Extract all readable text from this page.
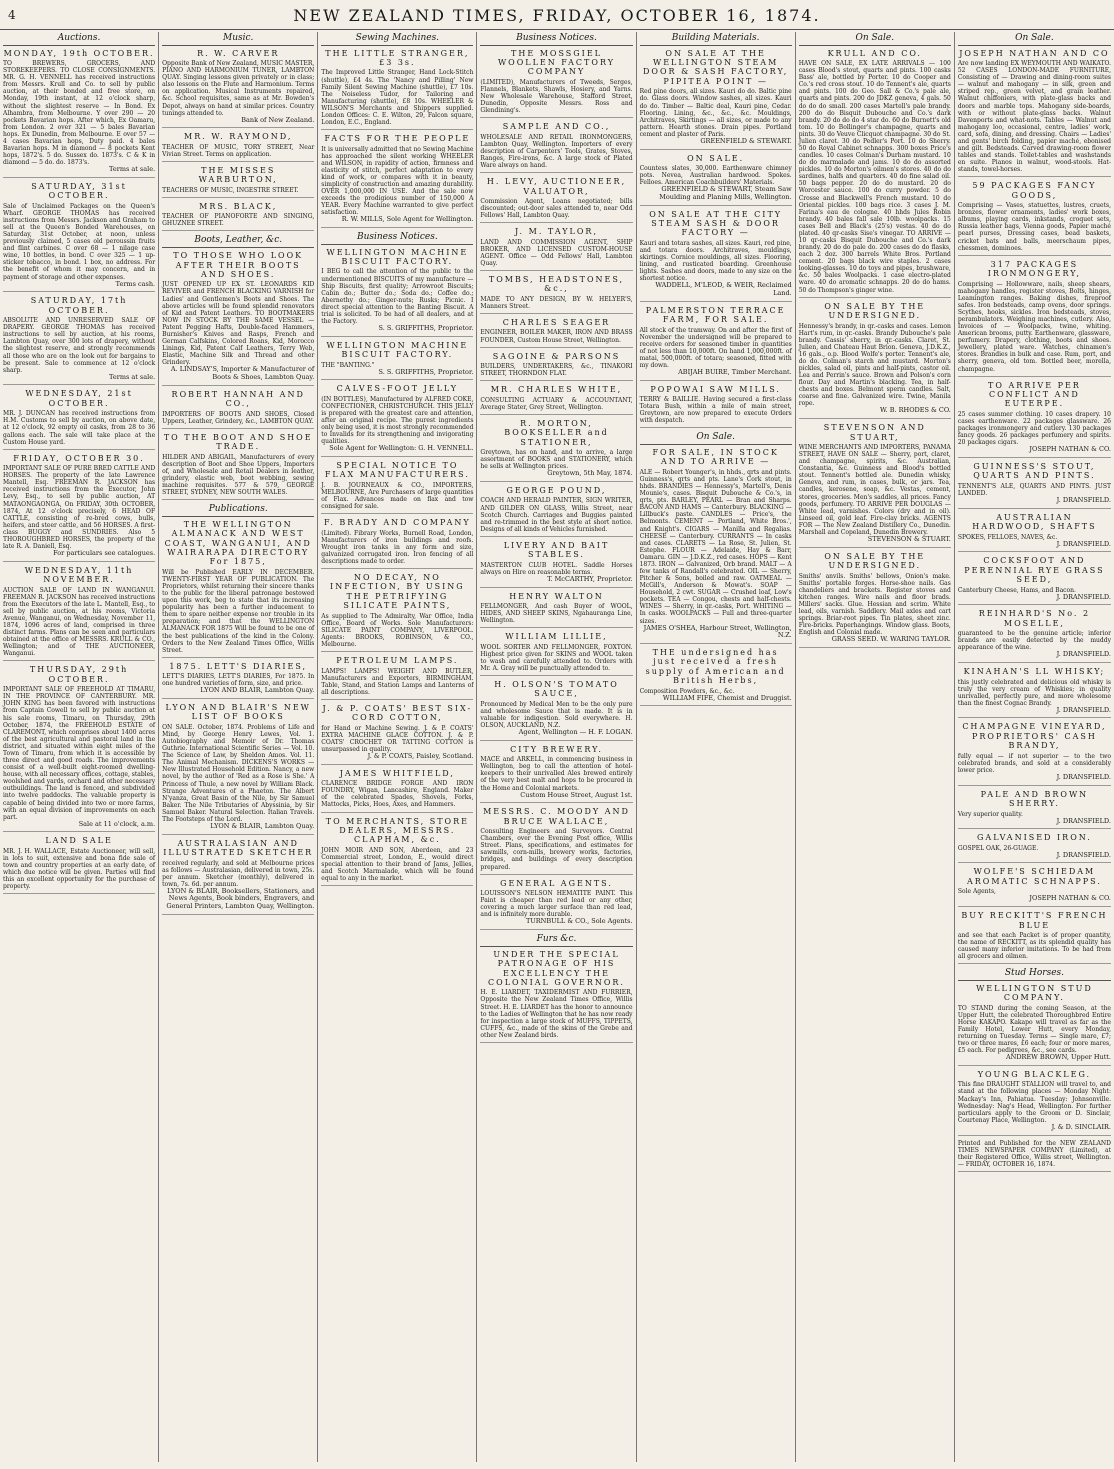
4	NEW ZEALAND TIMES, FRIDAY, OCTOBER 16, 1874.
Auctions.
MONDAY, 19th OCTOBER.
TO BREWERS, GROCERS, AND STOREKEEPERS. TO CLOSE CONSIGNMENTS. MR. G. H. VENNELL has received instructions from Messrs. Krull and Co. to sell by public auction, at their bonded and free store, on Monday, 19th instant, at 12 o'clock sharp, without the slightest reserve — In Bond. Ex Alhambra, from Melbourne. Y over 290 — 20 pockets Bavarian hops. After which, Ex Oamaru, from London. 2 over 321 — 5 bales Bavarian hops. Ex Dunedin, from Melbourne. E over 57 — 4 cases Bavarian hops, Duty paid. 4 bales Bavarian hops. M in diamond — 8 pockets Kent hops, 1872's. 5 do. Sussex do. 1873's. C & K in diamond — 5 do. do. 1873's.
Terms at sale.
SATURDAY, 31st OCTOBER.
Sale of Unclaimed Packages on the Queen's Wharf. GEORGE THOMAS has received instructions from Messrs. Jackson and Graham to sell at the Queen's Bonded Warehouses, on Saturday, 31st October, at noon, unless previously claimed, 5 cases old peroussin fruits and flint carbines. C over 68 — 1 nilage case wine, 10 bottles, in bond. C over 325 — 1 up-sticker tobacco, in bond. 1 box, no address. For the benefit of whom it may concern, and in payment of storage and other expenses.
Terms cash.
SATURDAY, 17th OCTOBER.
ABSOLUTE AND UNRESERVED SALE OF DRAPERY. GEORGE THOMAS has received instructions to sell by auction, at his rooms, Lambton Quay, over 300 lots of drapery, without the slightest reserve, and strongly recommends all those who are on the look out for bargains to be present. Sale to commence at 12 o'clock sharp.
Terms at sale.
WEDNESDAY, 21st OCTOBER.
MR. J. DUNCAN has received instructions from H.M. Customs to sell by auction, on above date, at 12 o'clock, 92 empty oil casks, from 28 to 36 gallons each. The sale will take place at the Custom House yard.
FRIDAY, OCTOBER 30.
IMPORTANT SALE OF PURE BRED CATTLE AND HORSES. The property of the late Lawrence Mantell, Esq. FREEMAN R. JACKSON has received instructions from the Executor, John Levy, Esq., to sell by public auction, AT MATAONGAONGA, On FRIDAY, 30th OCTOBER, 1874, At 12 o'clock precisely, 6 HEAD OF CATTLE, consisting of re-bred cows, bulls, heifers, and steer cattle, and 56 HORSES. A first-class BUGGY and SUNDRIES. Also 5 THOROUGHBRED HORSES, the property of the late R. A. Daniell, Esq.
For particulars see catalogues.
WEDNESDAY, 11th NOVEMBER.
AUCTION SALE OF LAND IN WANGANUI. FREEMAN R. JACKSON has received instructions from the Executors of the late L. Mantell, Esq., to sell by public auction, at his rooms, Victoria Avenue, Wanganui, on Wednesday, November 11, 1874, 1096 acres of land, comprised in three distinct farms. Plans can be seen and particulars obtained at the office of MESSRS. KRULL & CO., Wellington; and of THE AUCTIONEER, Wanganui.
THURSDAY, 29th OCTOBER.
IMPORTANT SALE OF FREEHOLD AT TIMARU, IN THE PROVINCE OF CANTERBURY. MR. JOHN KING has been favored with instructions from Captain Cowell to sell by public auction at his sale rooms, Timaru, on Thursday, 29th October, 1874, the FREEHOLD ESTATE of CLAREMONT, which comprises about 1400 acres of the best agricultural and pastoral land in the district, and situated within eight miles of the Town of Timaru, from which it is accessible by three direct and good roads. The improvements consist of a well-built eight-roomed dwelling-house, with all necessary offices, cottage, stables, woolshed and yards, orchard and other necessary outbuildings. The land is fenced, and subdivided into twelve paddocks. The valuable property is capable of being divided into two or more farms, with an equal division of improvements on each part.
Sale at 11 o'clock, a.m.
LAND SALE
MR. J. H. WALLACE, Estate Auctioneer, will sell, in lots to suit, extensive and bona fide sale of town and country properties at an early date, of which due notice will be given. Parties will find this an excellent opportunity for the purchase of property.
Music.
R. W. CARVER
Opposite Bank of New Zealand, MUSIC MASTER, PIANO AND HARMONIUM TUNER, LAMBTON QUAY. Singing lessons given privately or in class; also lessons on the Flute and Harmonium. Terms on application. Musical Instruments repaired, &c. School requisites, same as at Mr. Bowden's Depot, always on hand at similar prices. Country tunings attended to.
Bank of New Zealand.
MR. W. RAYMOND,
TEACHER OF MUSIC, TORY STREET, Near Vivian Street. Terms on application.
THE MISSES WARBURTON,
TEACHERS OF MUSIC, INGESTRE STREET.
MRS. BLACK,
TEACHER OF PIANOFORTE AND SINGING, GHUZNEE STREET.
Boots, Leather, &c.
TO THOSE WHO LOOK AFTER THEIR BOOTS AND SHOES.
JUST OPENED UP EX ST. LEONARDS KID REVIVER and FRENCH BLACKING VARNISH for Ladies' and Gentlemen's Boots and Shoes. The above articles will be found splendid renovators of Kid and Patent Leathers. TO BOOTMAKERS NOW IN STOCK BY THE SAME VESSEL — Patent Pegging Hafts, Double-faced Hammers, Burnisher's Knives and Rasps, French and German Calfskins, Colored Roans, Kid, Morocco Linings, Kid, Patent Calf Leathers, Terry Web, Elastic, Machine Silk and Thread and other Grindery.
A. LINDSAY'S, Importer & Manufacturer of Boots & Shoes, Lambton Quay.
ROBERT HANNAH AND CO.,
IMPORTERS OF BOOTS AND SHOES, Closed Uppers, Leather, Grindery, &c., LAMBTON QUAY.
TO THE BOOT AND SHOE TRADE.
HILDER AND ABIGAIL, Manufacturers of every description of Boot and Shoe Uppers, Importers of, and Wholesale and Retail Dealers in leather, grindery, elastic web, boot webbing, sewing machine requisites. 577 & 579, GEORGE STREET, SYDNEY, NEW SOUTH WALES.
Publications.
THE WELLINGTON ALMANACK AND WEST COAST, WANGANUI, AND WAIRARAPA DIRECTORY For 1875,
Will be Published EARLY IN DECEMBER. TWENTY-FIRST YEAR OF PUBLICATION. The Proprietors, whilst returning their sincere thanks to the public for the liberal patronage bestowed upon this work, beg to state that its increasing popularity has been a further inducement to them to spare neither expense nor trouble in its preparation; and that the WELLINGTON ALMANACK FOR 1875 Will be found to be one of the best publications of the kind in the Colony. Orders to the New Zealand Times Office, Willis Street.
1875. LETT'S DIARIES,
LETT'S DIARIES, LETT'S DIARIES, For 1875. In one hundred varieties of form, size, and price.
LYON AND BLAIR, Lambton Quay.
LYON AND BLAIR'S NEW LIST OF BOOKS
ON SALE. October, 1874. Problems of Life and Mind, by George Henry Lewes, Vol. 1. Autobiography and Memoir of Dr. Thomas Guthrie. International Scientific Series — Vol. 10. The Science of Law, by Sheldon Amos. Vol. 11. The Animal Mechanism. DICKENS'S WORKS — New Illustrated Household Edition. Nancy, a new novel, by the author of 'Red as a Rose is She.' A Princess of Thule, a new novel by William Black. Strange Adventures of a Phaeton. The Albert N'yanza, Great Basin of the Nile, by Sir Samuel Baker. The Nile Tributaries of Abyssinia, by Sir Samuel Baker. Natural Selection. Italian Travels. The Footsteps of the Lord.
LYON & BLAIR, Lambton Quay.
AUSTRALASIAN AND ILLUSTRATED SKETCHER
received regularly, and sold at Melbourne prices as follows — Australasian, delivered in town, 25s. per annum. Sketcher (monthly), delivered in town, 7s. 6d. per annum.
LYON & BLAIR, Booksellers, Stationers, and News Agents, Book binders, Engravers, and General Printers, Lambton Quay, Wellington.
Sewing Machines.
THE LITTLE STRANGER, £3 3s.
The Improved Little Stranger, Hand Lock-Stitch (shuttle), £4 4s. The 'Nancy and Pilling' New Family Silent Sewing Machine (shuttle), £7 10s. The Noiseless Tudor, for Tailoring and Manufacturing (shuttle), £8 10s. WHEELER & WILSON'S Merchants and Shippers supplied. London Offices: C. E. Wilton, 29, Falcon square, London, E.C., England.
FACTS FOR THE PEOPLE
It is universally admitted that no Sewing Machine has approached the silent working WHEELER and WILSON, in rapidity of action, firmness and elasticity of stitch, perfect adaptation to every kind of work, or compares with it in beauty, simplicity of construction and amazing durability. OVER 1,000,000 IN USE. And the sale now exceeds the prodigious number of 150,000 A YEAR. Every Machine warranted to give perfect satisfaction.
R. W. MILLS, Sole Agent for Wellington.
Business Notices.
WELLINGTON MACHINE BISCUIT FACTORY.
I BEG to call the attention of the public to the undermentioned BISCUITS of my manufacture — Ship Biscuits, first quality; Arrowroot Biscuits; Cabin do.; Butter do.; Soda do.; Coffee do.; Abernethy do.; Ginger-nuts; Rusks; Picnic. I direct special attention to the Banting Biscuit. A trial is solicited. To be had of all dealers, and at the Factory.
S. S. GRIFFITHS, Proprietor.
WELLINGTON MACHINE BISCUIT FACTORY.
THE "BANTING."
S. S. GRIFFITHS, Proprietor.
CALVES-FOOT JELLY
(IN BOTTLES), Manufactured by ALFRED COKE, CONFECTIONER, CHRISTCHURCH. THIS JELLY is prepared with the greatest care and attention, after an original recipe. The purest ingredients only being used, it is most strongly recommended to Invalids for its strengthening and invigorating qualities.
Sole Agent for Wellington: G. H. VENNELL.
SPECIAL NOTICE TO FLAX MANUFACTURERS.
J. B. JOURNEAUX & CO., IMPORTERS, MELBOURNE, Are Purchasers of large quantities of Flax. Advances made on flax and tow consigned for sale.
F. BRADY AND COMPANY
(Limited). Fibrary Works, Burnell Road, London, Manufacturers of iron buildings and roofs. Wrought iron tanks in any form and size, galvanized corrugated iron. Iron fencing of all descriptions made to order.
NO DECAY, NO INFECTION, BY USING THE PETRIFYING SILICATE PAINTS,
As supplied to The Admiralty, War Office, India Office, Board of Works. Sole Manufacturers: SILICATE PAINT COMPANY, LIVERPOOL. Agents: BROOKS, ROBINSON, & CO., Melbourne.
PETROLEUM LAMPS.
LAMPS! LAMPS! WEIGHT AND BUTLER, Manufacturers and Exporters, BIRMINGHAM. Table, Stand, and Station Lamps and Lanterns of all descriptions.
J. & P. COATS' BEST SIX-CORD COTTON,
for Hand or Machine Sewing. J. & P. COATS' EXTRA MACHINE GLACE COTTON. J. & P. COATS' CROCHET OR TATTING COTTON is unsurpassed in quality.
J. & P. COATS, Paisley, Scotland.
JAMES WHITFIELD,
CLARENCE BRIDGE FORGE AND IRON FOUNDRY, Wigan, Lancashire, England. Maker of the celebrated Spades, Shovels, Forks, Mattocks, Picks, Hoes, Axes, and Hammers.
TO MERCHANTS, STORE DEALERS, MESSRS. CLAPHAM, &c.
JOHN MOIR AND SON, Aberdeen, and 23 Commercial street, London, E., would direct special attention to their brand of Jams, Jellies, and Scotch Marmalade, which will be found equal to any in the market.
Business Notices.
THE MOSSGIEL WOOLLEN FACTORY COMPANY
(LIMITED), Manufacturers of Tweeds, Serges, Flannels, Blankets, Shawls, Hosiery, and Yarns. New Wholesale Warehouse, Stafford Street, Dunedin, Opposite Messrs. Ross and Glendining's.
SAMPLE AND CO.,
WHOLESALE AND RETAIL IRONMONGERS, Lambton Quay, Wellington. Importers of every description of Carpenters' Tools, Grates, Stoves, Ranges, Fire-irons, &c. A large stock of Plated Ware always on hand.
H. LEVY, AUCTIONEER, VALUATOR,
Commission Agent, Loans negotiated; bills discounted; out-door sales attended to, near Odd Fellows' Hall, Lambton Quay.
J. M. TAYLOR,
LAND AND COMMISSION AGENT, SHIP BROKER, AND LICENSED CUSTOM-HOUSE AGENT. Office — Odd Fellows' Hall, Lambton Quay.
TOMBS, HEADSTONES, &c.,
MADE TO ANY DESIGN, BY W. HELYER'S, Manners Street.
CHARLES SEAGER
ENGINEER, BOILER MAKER, IRON AND BRASS FOUNDER, Custom House Street, Wellington.
SAGOINE & PARSONS
BUILDERS, UNDERTAKERS, &c., TINAKORI STREET, THORNDON FLAT.
MR. CHARLES WHITE,
CONSULTING ACTUARY & ACCOUNTANT, Average Stater, Grey Street, Wellington.
R. MORTON, BOOKSELLER and STATIONER,
Greytown, has on hand, and to arrive, a large assortment of BOOKS and STATIONERY, which he sells at Wellington prices.
Greytown, 5th May, 1874.
GEORGE POUND,
COACH AND HERALD PAINTER, SIGN WRITER, AND GILDER ON GLASS, Willis Street, near Scotch Church. Carriages and Buggies painted and re-trimmed in the best style at short notice. Designs of all kinds of Vehicles furnished.
LIVERY AND BAIT STABLES.
MASTERTON CLUB HOTEL. Saddle Horses always on Hire on reasonable terms.
T. McCARTHY, Proprietor.
HENRY WALTON
FELLMONGER, And cash Buyer of WOOL, HIDES, AND SHEEP SKINS, Ngahauranga Line, Wellington.
WILLIAM LILLIE,
WOOL SORTER AND FELLMONGER, FOXTON. Highest price given for SKINS and WOOL taken to wash and carefully attended to. Orders with Mr. A. Gray will be punctually attended to.
H. OLSON'S TOMATO SAUCE,
Pronounced by Medical Men to be the only pure and wholesome Sauce that is made. It is in valuable for indigestion. Sold everywhere. H. OLSON, AUCKLAND, N.Z.
Agent, Wellington — H. F. LOGAN.
CITY BREWERY.
MACE and ARKELL, in commencing business in Wellington, beg to call the attention of hotel-keepers to their unrivalled Ales brewed entirely of the very best malt and hops to be procured in the Home and Colonial markets.
Custom House Street, August 1st.
MESSRS. C. MOODY AND BRUCE WALLACE,
Consulting Engineers and Surveyors. Central Chambers, over the Evening Post office, Willis Street. Plans, specifications, and estimates for sawmills, corn-mills, brewery works, factories, bridges, and buildings of every description prepared.
GENERAL AGENTS.
LOUISSON'S NELSON HEMATITE PAINT. This Paint is cheaper than red lead or any other, covering a much larger surface than red lead, and is infinitely more durable.
TURNBULL & CO., Sole Agents.
Furs &c.
UNDER THE SPECIAL PATRONAGE OF HIS EXCELLENCY THE COLONIAL GOVERNOR.
H. E. LIARDET, TAXIDERMIST AND FURRIER, Opposite the New Zealand Times Office, Willis Street. H. E. LIARDET has the honor to announce to the Ladies of Wellington that he has now ready for inspection a large stock of MUFFS, TIPPETS, CUFFS, &c., made of the skins of the Grebe and other New Zealand birds.
Building Materials.
ON SALE AT THE WELLINGTON STEAM DOOR & SASH FACTORY, PIPITEA POINT —
Red pine doors, all sizes. Kauri do do. Baltic pine do. Glass doors. Window sashes, all sizes. Kauri do do. Timber — Baltic deal, Kauri pine, Cedar. Flooring. Lining, &c., &c., &c. Mouldings, Architraves, Skirtings — all sizes, or made to any pattern. Hearth stones. Drain pipes. Portland cement and plaster of Paris.
GREENFIELD & STEWART.
ON SALE.
Countess slates, 30,000. Earthenware chimney pots. Nevea, Australian hardwood. Spokes. Felloes. American Coachbuilders' Materials.
GREENFIELD & STEWART, Steam Saw Moulding and Planing Mills, Wellington.
ON SALE AT THE CITY STEAM SASH & DOOR FACTORY —
Kauri and totara sashes, all sizes. Kauri, red pine, and totara doors. Architraves, mouldings, skirtings. Cornice mouldings, all sizes. Flooring, lining, and rusticated boarding. Greenhouse lights. Sashes and doors, made to any size on the shortest notice.
WADDELL, M'LEOD, & WEIR, Reclaimed Land.
PALMERSTON TERRACE FARM, FOR SALE.
All stock of the tramway. On and after the first of November the undersigned will be prepared to receive orders for seasoned timber in quantities of not less than 10,000ft. On hand 1,000,000ft. of matai, 500,000ft. of totara; seasoned, fitted with my down.
ABIJAH BUIRE, Timber Merchant.
POPOWAI SAW MILLS.
TERRY & BAILLIE. Having secured a first-class Totara Bush, within a mile of main street, Greytown, are now prepared to execute Orders with despatch.
On Sale.
FOR SALE, IN STOCK AND TO ARRIVE —
ALE — Robert Younger's, in hhds., qrts and pints. Guinness's, qrts and pts. Lane's Cork stout, in hhds. BRANDIES — Hennessy's, Martell's, Denis Mounie's, cases. Bisquit Dubouche & Co.'s, in qrts, pts. BARLEY, PEARL — Bran and Sharps. BACON AND HAMS — Canterbury. BLACKING — Lillbuck's paste. CANDLES — Price's, the Belmonts. CEMENT — Portland, White Bros.', and Knight's. CIGARS — Manilla and Regalias. CHEESE — Canterbury. CURRANTS — In casks and cases. CLARETS — La Rose, St. Julien, St. Estephe. FLOUR — Adelaide, Hay & Barr, Oamaru. GIN — J.D.K.Z., red cases. HOPS — Kent 1873. IRON — Galvanized, Orb brand. MALT — A few tanks of Randall's celebrated. OIL — Sherry, Pitcher & Sons, boiled and raw. OATMEAL — McGill's, Anderson & Mowat's. SOAP — Household, 2 cwt. SUGAR — Crushed loaf, Low's pockets. TEA — Congou, chests and half-chests. WINES — Sherry, in qr.-casks, Port. WHITING — In casks. WOOLPACKS — Full and three-quarter sizes.
JAMES O'SHEA, Harbour Street, Wellington, N.Z.
THE undersigned has just received a fresh supply of American and British Herbs,
Composition Powders, &c., &c.
WILLIAM FIFE, Chemist and Druggist.
On Sale.
KRULL AND CO.
HAVE ON SALE, EX LATE ARRIVALS — 100 cases Blood's stout, quarts and pints. 100 casks Bass' ale, bottled by Porter. 10 do Cooper and Co.'s red cross stout. 10 do Tennent's ale, quarts and pints. 100 do Geo. Sall & Co.'s pale ale, quarts and pints. 200 do JDKZ geneva, 4 gals. 50 do do do small. 200 cases Martell's pale brandy. 200 do do Bisquit Dubouche and Co.'s dark brandy. 20 do do do 4 star do. 60 do Burnett's old tom. 10 do Bollinger's champagne, quarts and pints. 30 do Veuve Clicquot champagne. 30 do St. Julien claret. 30 do Pedler's Port. 10 do Sherry. 50 do Royal Cabinet schnapps. 300 boxes Price's candles. 10 cases Colman's Durham mustard. 10 do do marmalade and jams. 10 do do assorted pickles. 10 do Morton's oilmen's stores. 40 do do sardines, halfs and quarters. 40 do fine salad oil. 50 bags pepper. 20 do do mustard. 20 do Worcester sauce. 100 do curry powder. 5 do Crosse and Blackwell's French mustard. 10 do Oriental pickles. 100 bags rice. 3 cases J. M. Farina's eau de cologne. 40 hhds Jules Robin brandy. 40 bales fall sale 10lb. woolpacks. 15 cases Bell and Black's (25's) vestas. 40 do do plated. 40 qr-casks Sise's vinegar. TO ARRIVE — 10 qr-casks Bisquit Dubouche and Co.'s dark brandy. 20 do do pale do. 200 cases do do flasks, each 2 doz. 300 barrels White Bros. Portland cement. 20 bags black wire staples. 2 cases looking-glasses. 10 do toys and pipes, brushware, &c. 50 bales Woolpacks. 1 case electro-plated ware. 40 do aromatic schnapps. 20 do do hams. 50 do Thompson's ginger wine.
ON SALE BY THE UNDERSIGNED.
Hennessy's brandy, in qr.-casks and cases. Lemon Hart's rum, in qr.-casks. Brandy Dubouche's pale brandy. Cassis' sherry, in qr.-casks. Claret, St. Julien, and Chateau Haut Brion. Geneva, J.D.K.Z., 16 gals., o.p. Blood Wolfe's porter. Tennent's ale, do do. Colman's starch and mustard. Morton's pickles, salad oil, pints and half-pints, castor oil. Lea and Perrin's sauce. Brown and Polson's corn flour. Day and Martin's blacking. Tea, in half-chests and boxes. Belmont sperm candles. Salt, coarse and fine. Galvanized wire. Twine, Manila rope.
W. B. RHODES & CO.
STEVENSON AND STUART,
WINE MERCHANTS AND IMPORTERS, PANAMA STREET, HAVE ON SALE — Sherry, port, claret, and champagne, spirits, &c. Australian, Constantia, &c. Guinness and Blood's bottled stout. Tennent's bottled ale. Dunedin whisky, Geneva, and rum, in cases, bulk, or jars. Tea, candles, kerosene, soap, &c. Vestas, cement, stores, groceries. Men's saddles, all prices. Fancy goods, perfumery. TO ARRIVE PER DOUGLAS — White lead, varnishes. Colors (dry and in oil). Linseed oil, gold leaf. Fire-clay bricks. AGENTS FOR — The New Zealand Distillery Co., Dunedin. Marshall and Copeland, Dunedin Brewery.
STEVENSON & STUART.
ON SALE BY THE UNDERSIGNED.
Smiths' anvils. Smiths' bellows, Onion's make. Smiths' portable forges. Horse-shoe nails. Gas chandeliers and brackets. Register stoves and kitchen ranges. Wire nails and floor brads. Millers' sacks. Glue. Hessian and scrim. White lead, oils, varnish. Saddlery. Mail axles and cart springs. Briar-root pipes. Tin plates, sheet zinc. Fire-bricks. Paperhangings. Window glass. Boots, English and Colonial made.
GRASS SEED. W. WARING TAYLOR.
On Sale.
JOSEPH NATHAN AND CO
Are now landing EX WEYMOUTH AND WAIKATO. 52 CASES LONDON-MADE FURNITURE, Consisting of — Drawing and dining-room suites — walnut and mahogany — in silk, green and striped rep., green velvet, and grain leather. Walnut chiffoniers, with plate-glass backs and doors and marble tops. Mahogany side-boards, with or without plate-glass backs. Walnut Davenports and what-nots. Tables — Walnut and mahogany loo, occasional, centre, ladies' work, card, sofa, dining, and dressing. Chairs — Ladies' and gents' birch folding, papier maché, ebonised and gilt. Bedsteads. Carved drawing-room flower tables and stands. Toilet-tables and washstands en suite. Pianos in walnut, wood-stools. Hat-stands, towel-horses.
59 PACKAGES FANCY GOODS,
Comprising — Vases, statuettes, lustres, cruets, bronzes, flower ornaments, ladies' work boxes, albums, playing cards, inkstands, croquet sets, Russia leather bags, Vienna goods, Papier maché pearl purses, Dressing cases, bead baskets, cricket bats and balls, meerschaum pipes, chessmen, dominoes.
317 PACKAGES IRONMONGERY,
Comprising — Hollowware, nails, sheep shears, mahogany handles, register stoves, Bolts, hinges, Leamington ranges. Baking dishes, fireproof safes. Iron bedsteads, camp ovens, door springs. Scythes, hooks, sickles. Iron bedsteads, stoves, perambulators. Weighing machines, cutlery. Also, Invoices of — Woolpacks, twine, whiting. American brooms, putty. Earthenware, glassware, perfumery. Drapery, clothing, boots and shoes. Jewellery, plated ware. Watches, chinamen's stores. Brandies in bulk and case. Rum, port, and sherry, geneva, old tom. Bottled beer, morella, champagne.
TO ARRIVE PER CONFLICT AND EUTERPE.
25 cases summer clothing. 10 cases drapery. 10 cases earthenware. 22 packages glassware. 26 packages ironmongery and cutlery. 130 packages fancy goods. 26 packages perfumery and spirits. 20 packages cigars.
JOSEPH NATHAN & CO.
GUINNESS'S STOUT, QUARTS AND PINTS.
TENNENT'S ALE, QUARTS AND PINTS. JUST LANDED.
J. DRANSFIELD.
AUSTRALIAN HARDWOOD, SHAFTS
SPOKES, FELLOES, NAVES, &c.
J. DRANSFIELD.
COCKSFOOT AND PERENNIAL RYE GRASS SEED,
Canterbury Cheese, Hams, and Bacon.
J. DRANSFIELD.
REINHARD'S No. 2 MOSELLE,
guaranteed to be the genuine article; inferior brands are easily detected by the muddy appearance of the wine.
J. DRANSFIELD.
KINAHAN'S LL WHISKY;
this justly celebrated and delicious old whisky is truly the very cream of Whiskies; in quality unrivalled, perfectly pure, and more wholesome than the finest Cognac Brandy.
J. DRANSFIELD.
CHAMPAGNE VINEYARD, PROPRIETORS' CASH BRANDY,
fully equal — if not superior — to the two celebrated brands, and sold at a considerably lower price.
J. DRANSFIELD.
PALE AND BROWN SHERRY.
Very superior quality.
J. DRANSFIELD.
GALVANISED IRON.
GOSPEL OAK, 26-GUAGE.
J. DRANSFIELD.
WOLFE'S SCHIEDAM AROMATIC SCHNAPPS.
Sole Agents,
JOSEPH NATHAN & CO.
BUY RECKITT'S FRENCH BLUE
and see that each Packet is of proper quantity, the name of RECKITT, as its splendid quality has caused many inferior imitations. To be had from all grocers and oilmen.
Stud Horses.
WELLINGTON STUD COMPANY.
TO STAND during the coming Season, at the Upper Hutt, the celebrated Thoroughbred Entire Horse KAKAPO. Kakapo will travel as far as the Family Hotel, Lower Hutt, every Monday, returning on Tuesday. Terms — Single mare, £7; two or three mares, £6 each; four or more mares, £5 each. For pedigrees, &c., see cards.
ANDREW BROWN, Upper Hutt.
YOUNG BLACKLEG.
This fine DRAUGHT STALLION will travel to, and stand at the following places — Monday Night: Mackay's Inn, Pahiatua. Tuesday: Johnsonville. Wednesday: Nag's Head, Wellington. For further particulars apply to the Groom or D. Sinclair, Courtenay Place, Wellington.
J. & D. SINCLAIR.
Printed and Published for the NEW ZEALAND TIMES NEWSPAPER COMPANY (Limited), at their Registered Office, Willis street, Wellington. — FRIDAY, OCTOBER 16, 1874.
